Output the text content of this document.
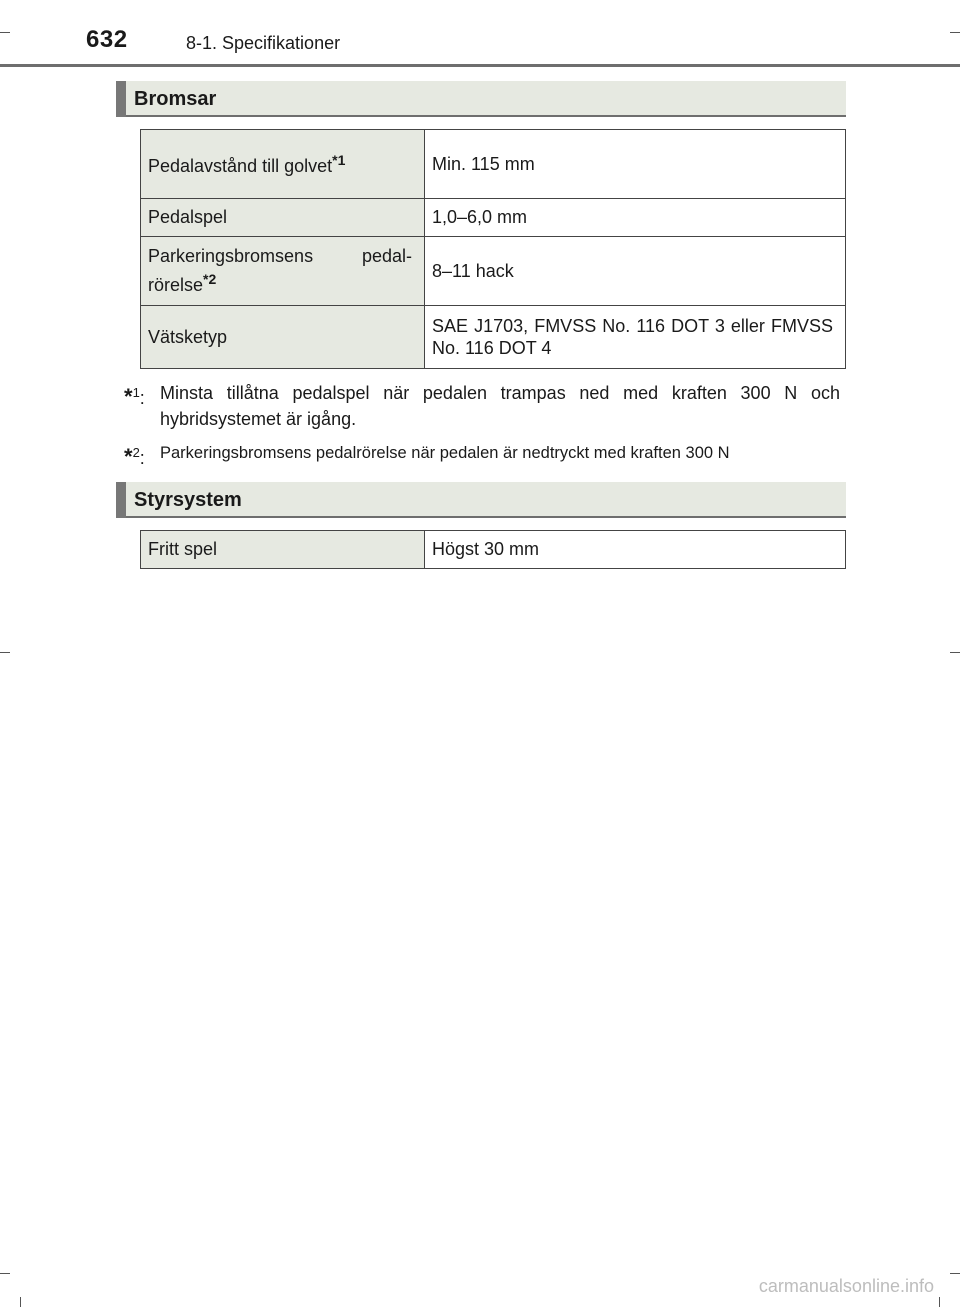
632	8-1. Specifikationer
Bromsar
Pedalavstånd till golvet$^{*1}$	Min. 115 mm
Pedalspel	1,0–6,0 mm

Parkeringsbromsens pedal-
rörelse$^{*2}$	8–11 hack
Vätsketyp	SAE J1703, FMVSS No. 116 DOT 3 eller FMVSS No. 116 DOT 4
*$^1$: Minsta tillåtna pedalspel när pedalen trampas ned med kraften 300 N och hybridsystemet är igång.
*$^2$: Parkeringsbromsens pedalrörelse när pedalen är nedtryckt med kraften 300 N
Styrsystem
Fritt spel	Högst 30 mm
carmanualsonline.info
